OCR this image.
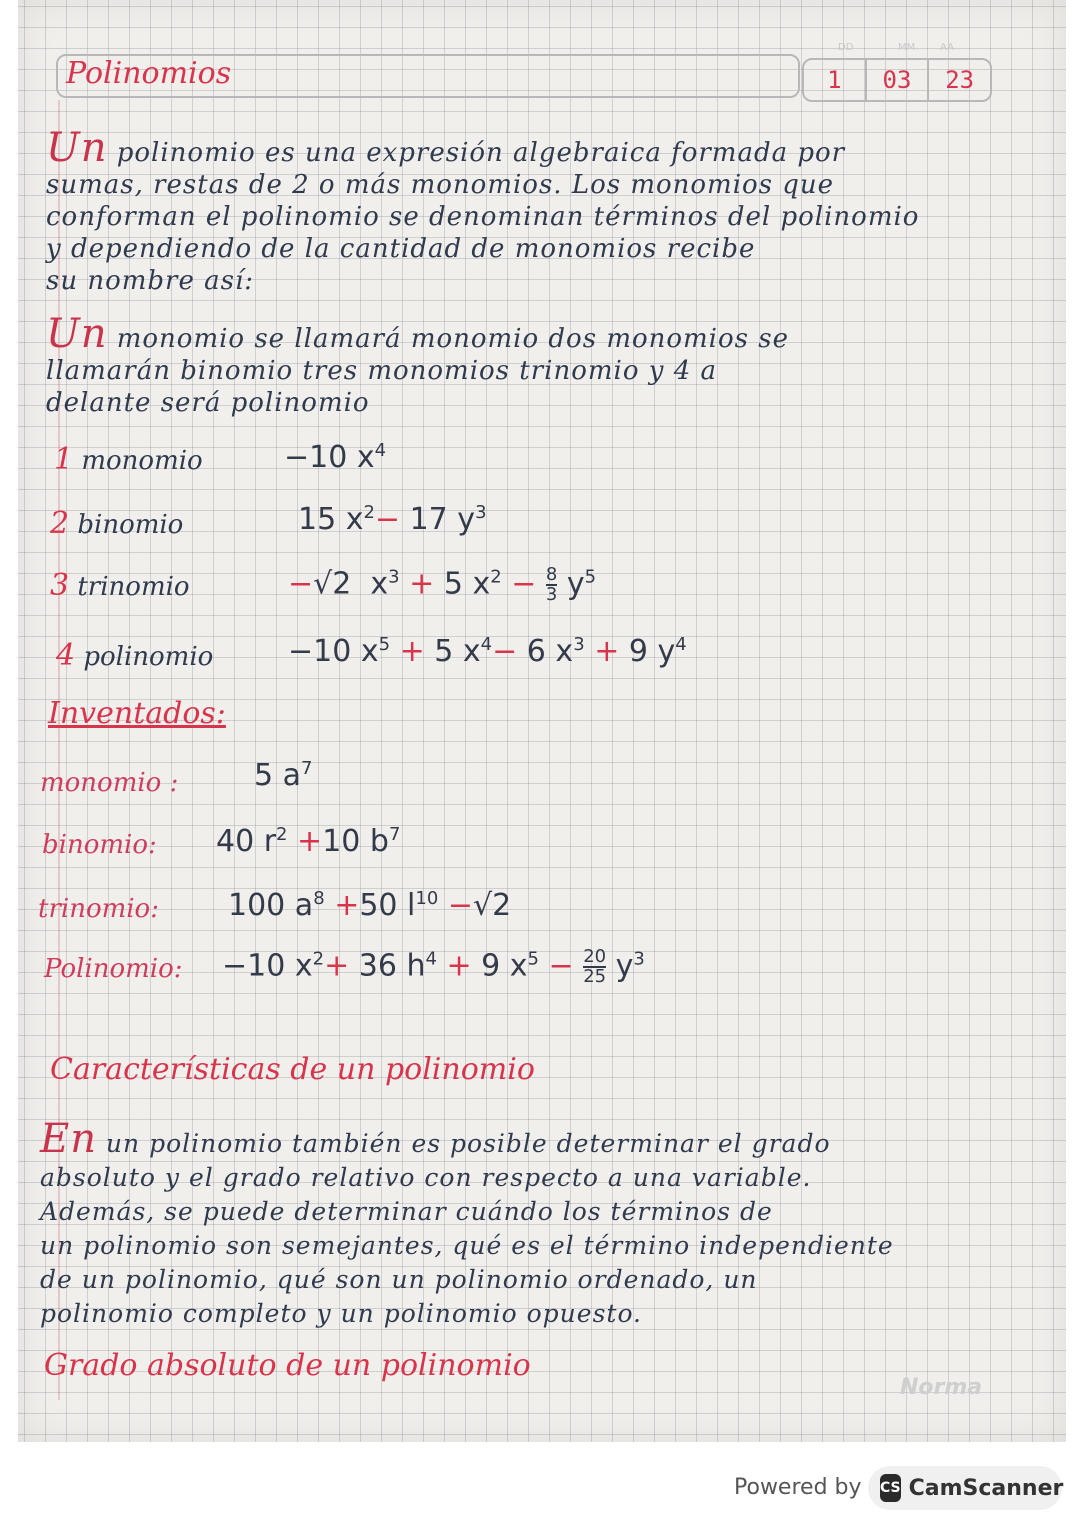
Polinomios	1	03	23
DD	MM AA
Un polinomio es una expresión algebraica formada por
sumas, restas de 2 o más monomios. Los monomios que
conforman el polinomio se denominan términos del polinomio
y dependiendo de la cantidad de monomios recibe
su nombre así:
Un monomio se llamará monomio dos monomios se
llamarán binomio tres monomios trinomio y 4 a
delante será polinomio
1 monomio	−10 $x^4$
2 binomio	15 $x^2- 17$ $y^3$
3 trinomio	−√2  $x^3 + 5$ $x^2 - \frac{8}{3} y^5$
4 polinomio −10 $x^5 + 5$ $x^4- 6$ $x^3 + 9$ $y^4$
Inventados:
monomio :	5 $a^7$
binomio: 40 $r^2 +10$ $b^7$
trinomio: 100 $a^8 +50$ $l^{10} -√2$
Polinomio: −10 $x^2+ 36$ $h^4 + 9$ $x^5 - \frac{20}{25} y^3$
Características de un polinomio
En un polinomio también es posible determinar el grado
absoluto y el grado relativo con respecto a una variable.
Además, se puede determinar cuándo los términos de
un polinomio son semejantes, qué es el término independiente
de un polinomio, qué son un polinomio ordenado, un
polinomio completo y un polinomio opuesto.
Grado absoluto de un polinomio
Norma
Powered by CS CamScanner
